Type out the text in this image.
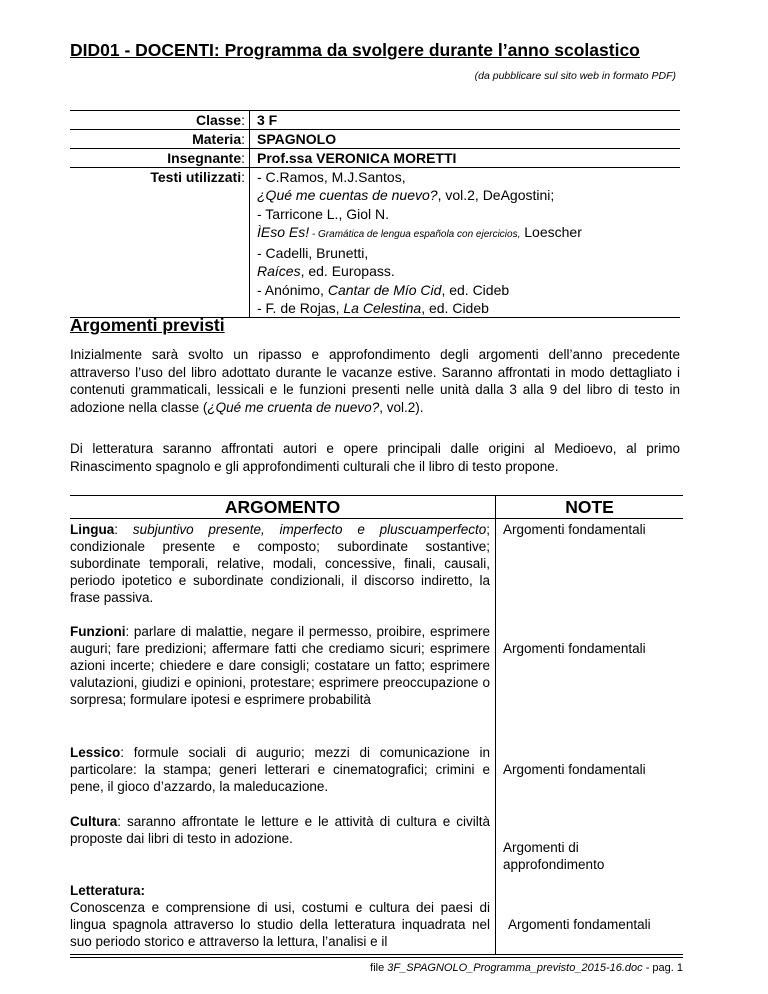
DID01 - DOCENTI: Programma da svolgere durante l’anno scolastico
(da pubblicare sul sito web in formato PDF)
Classe: 3 F
Materia: SPAGNOLO
Insegnante: Prof.ssa VERONICA MORETTI
Testi utilizzati: - C.Ramos, M.J.Santos,
¿Qué me cuentas de nuevo?, vol.2, DeAgostini;
- Tarricone L., Giol N.
ÌEso Es! - Gramática de lengua española con ejercicios, Loescher
- Cadelli, Brunetti,
Raíces, ed. Europass.
- Anónimo, Cantar de Mío Cid, ed. Cideb
- F. de Rojas, La Celestina, ed. Cideb
Argomenti previsti
Inizialmente sarà svolto un ripasso e approfondimento degli argomenti dell’anno precedente attraverso l’uso del libro adottato durante le vacanze estive. Saranno affrontati in modo dettagliato i contenuti grammaticali, lessicali e le funzioni presenti nelle unità dalla 3 alla 9 del libro di testo in adozione nella classe (¿Qué me cruenta de nuevo?, vol.2).
Di letteratura saranno affrontati autori e opere principali dalle origini al Medioevo, al primo Rinascimento spagnolo e gli approfondimenti culturali che il libro di testo propone.
ARGOMENTO	NOTE
Lingua: subjuntivo presente, imperfecto e pluscuamperfecto; condizionale presente e composto; subordinate sostantive; subordinate temporali, relative, modali, concessive, finali, causali, periodo ipotetico e subordinate condizionali, il discorso indiretto, la frase passiva.
Argomenti fondamentali
Funzioni: parlare di malattie, negare il permesso, proibire, esprimere auguri; fare predizioni; affermare fatti che crediamo sicuri; esprimere azioni incerte; chiedere e dare consigli; costatare un fatto; esprimere valutazioni, giudizi e opinioni, protestare; esprimere preoccupazione o sorpresa; formulare ipotesi e esprimere probabilità
Argomenti fondamentali
Lessico: formule sociali di augurio; mezzi di comunicazione in particolare: la stampa; generi letterari e cinematografici; crimini e pene, il gioco d’azzardo, la maleducazione.
Argomenti fondamentali
Cultura: saranno affrontate le letture e le attività di cultura e civiltà proposte dai libri di testo in adozione.
Argomenti di approfondimento
Letteratura:
Conoscenza e comprensione di usi, costumi e cultura dei paesi di lingua spagnola attraverso lo studio della letteratura inquadrata nel suo periodo storico e attraverso la lettura, l’analisi e il
Argomenti fondamentali
file 3F_SPAGNOLO_Programma_previsto_2015-16.doc - pag. 1
